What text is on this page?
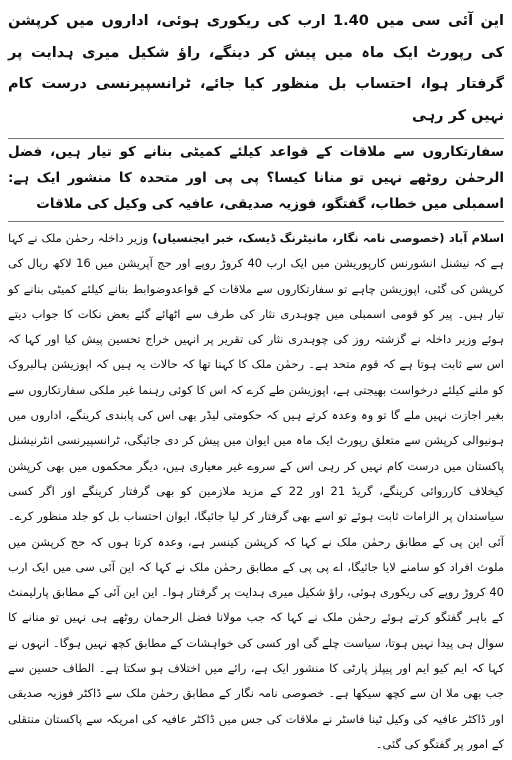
این آئی سی میں 1.40 ارب کی ریکوری ہوئی، اداروں میں کرپشن کی رپورٹ ایک ماہ میں پیش کر دینگے، راؤ شکیل میری ہدایت پر گرفتار ہوا، احتساب بل منظور کیا جائے، ٹرانسپیرنسی درست کام نہیں کر رہی
سفارتکاروں سے ملاقات کے قواعد کیلئے کمیٹی بنانے کو تیار ہیں، فضل الرحمٰن روٹھے نہیں تو منانا کیسا؟ پی پی اور متحدہ کا منشور ایک ہے: اسمبلی میں خطاب، گفتگو، فوزیہ صدیقی، عافیہ کی وکیل کی ملاقات

اسلام آباد (خصوصی نامہ نگار، مانیٹرنگ ڈیسک، خبر ایجنسیاں) وزیر داخلہ رحمٰن ملک نے کہا ہے کہ نیشنل انشورنس کارپوریشن میں ایک ارب 40 کروڑ روپے اور حج آپریشن میں 16 لاکھ ریال کی کرپشن کی گئی، اپوزیشن چاہے تو سفارتکاروں سے ملاقات کے قواعدوضوابط بنانے کیلئے کمیٹی بنانے کو تیار ہیں۔ پیر کو قومی اسمبلی میں چوہدری نثار کی طرف سے اٹھائے گئے بعض نکات کا جواب دیتے ہوئے وزیر داخلہ نے گزشتہ روز کی چوہدری نثار کی تقریر پر انہیں خراج تحسین پیش کیا اور کہا کہ اس سے ثابت ہوتا ہے کہ قوم متحد ہے۔ رحمٰن ملک کا کہنا تھا کہ حالات یہ ہیں کہ اپوزیشن ہالبروک کو ملنے کیلئے درخواست بھیجتی ہے، اپوزیشن طے کرے کہ اس کا کوئی رہنما غیر ملکی سفارتکاروں سے بغیر اجازت نہیں ملے گا تو وہ وعدہ کرتے ہیں کہ حکومتی لیڈر بھی اس کی پابندی کرینگے، اداروں میں ہونیوالی کرپشن سے متعلق رپورٹ ایک ماہ میں ایوان میں پیش کر دی جائیگی، ٹرانسپیرنسی انٹرنیشنل پاکستان میں درست کام نہیں کر رہی اس کے سروے غیر معیاری ہیں، دیگر محکموں میں بھی کرپشن کیخلاف کارروائی کرینگے، گریڈ 21 اور 22 کے مزید ملازمین کو بھی گرفتار کرینگے اور اگر کسی سیاستدان پر الزامات ثابت ہوئے تو اسے بھی گرفتار کر لیا جائیگا، ایوان احتساب بل کو جلد منظور کرے۔ آئی این پی کے مطابق رحمٰن ملک نے کہا کہ کرپشن کینسر ہے، وعدہ کرتا ہوں کہ حج کرپشن میں ملوث افراد کو سامنے لایا جائیگا، اے پی پی کے مطابق رحمٰن ملک نے کہا کہ این آئی سی میں ایک ارب 40 کروڑ روپے کی ریکوری ہوئی، راؤ شکیل میری ہدایت پر گرفتار ہوا۔ این این آئی کے مطابق پارلیمنٹ کے باہر گفتگو کرتے ہوئے رحمٰن ملک نے کہا کہ جب مولانا فضل الرحمان روٹھے ہی نہیں تو منانے کا سوال ہی پیدا نہیں ہوتا، سیاست چلے گی اور کسی کی خواہشات کے مطابق کچھ نہیں ہوگا۔ انہوں نے کہا کہ ایم کیو ایم اور پیپلز پارٹی کا منشور ایک ہے، رائے میں اختلاف ہو سکتا ہے۔ الطاف حسین سے جب بھی ملا ان سے کچھ سیکھا ہے۔ خصوصی نامہ نگار کے مطابق رحمٰن ملک سے ڈاکٹر فوزیہ صدیقی اور ڈاکٹر عافیہ کی وکیل ٹینا فاسٹر نے ملاقات کی جس میں ڈاکٹر عافیہ کی امریکہ سے پاکستان منتقلی کے امور پر گفتگو کی گئی۔
